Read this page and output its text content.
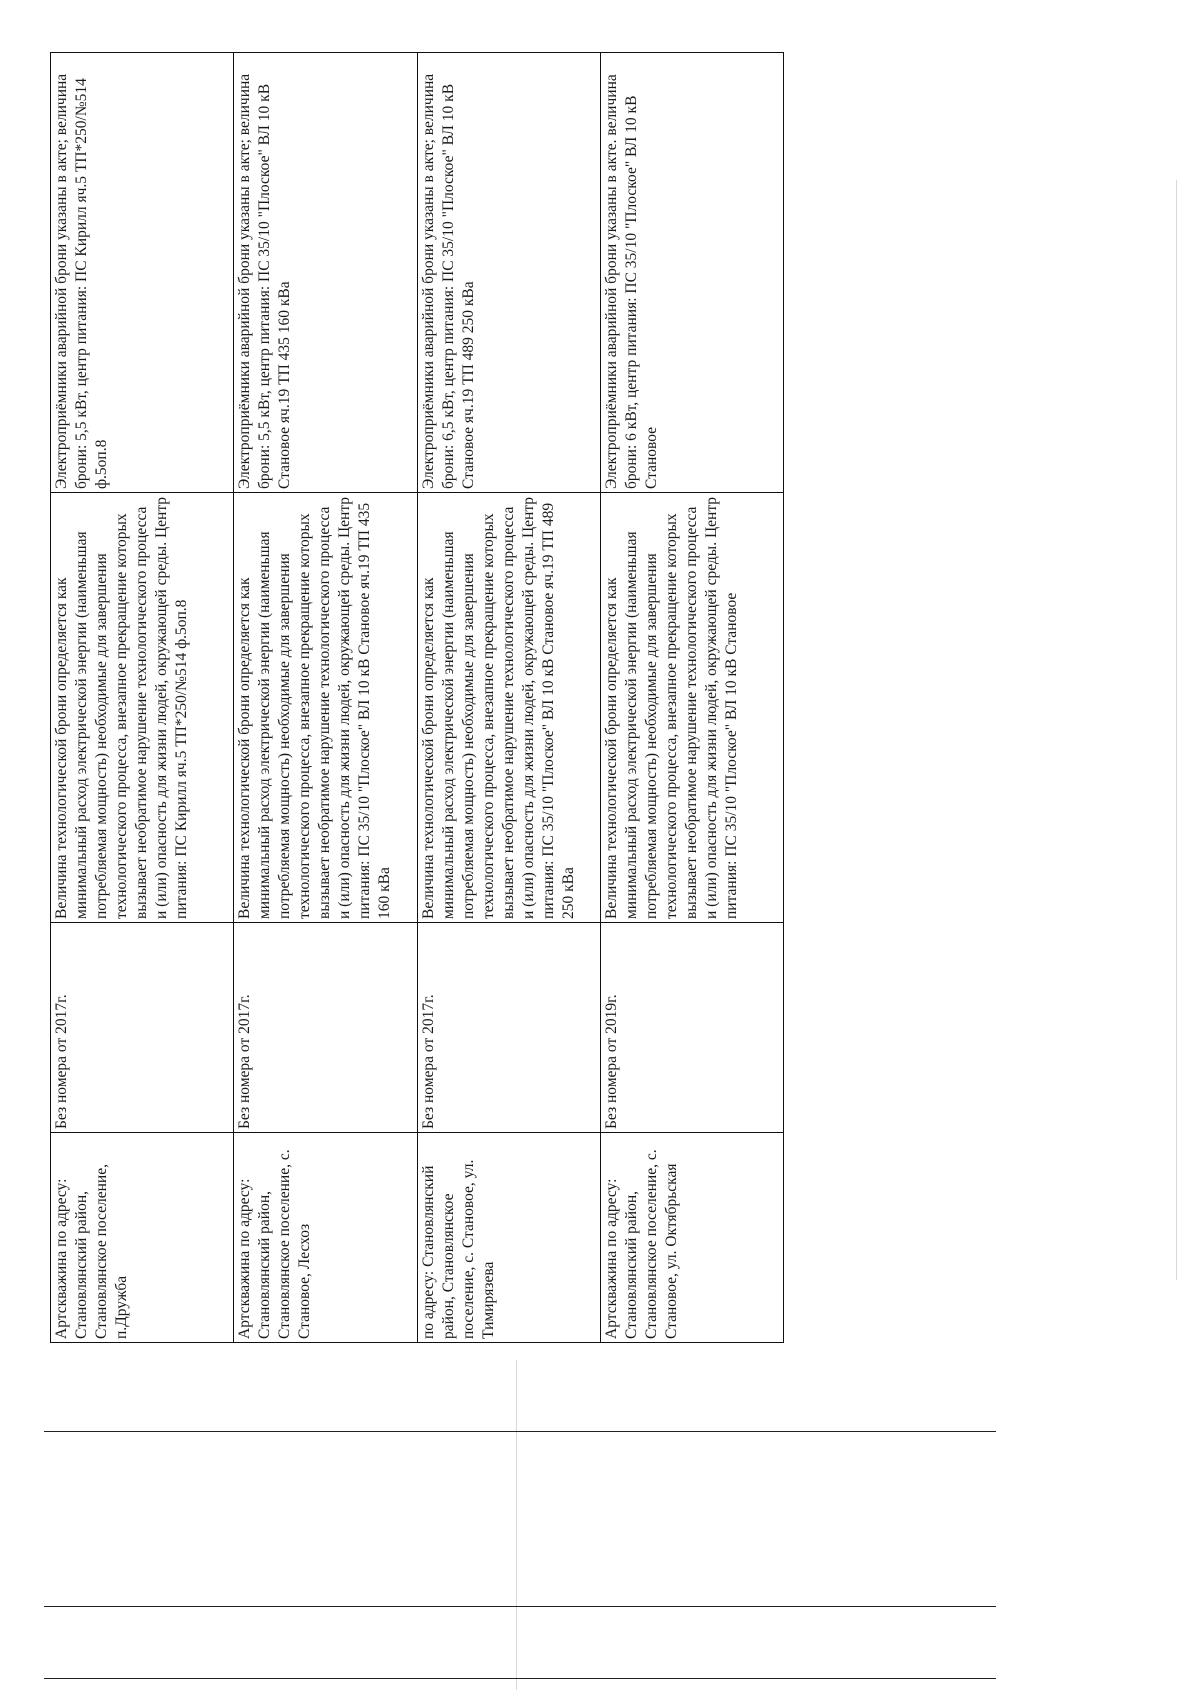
Артскважина по адресу: Становлянский район, Становлянское поселение, п.Дружба	Без номера от 2017г.	Величина технологической брони определяется как минимальный расход электрической энергии (наименьшая потребляемая мощность) необходимые для завершения технологического процесса, внезапное прекращение которых вызывает необратимое нарушение технологического процесса и (или) опасность для жизни людей, окружающей среды. Центр питания: ПС Кирилл яч.5 ТП*250/№514 ф.5оп.8	Электроприёмники аварийной брони указаны в акте; величина брони: 5,5 кВт, центр питания: ПС Кирилл яч.5 ТП*250/№514 ф.5оп.8
Артскважина по адресу: Становлянский район, Становлянское поселение, с. Становое, Лесхоз	Без номера от 2017г.	Величина технологической брони определяется как минимальный расход электрической энергии (наименьшая потребляемая мощность) необходимые для завершения технологического процесса, внезапное прекращение которых вызывает необратимое нарушение технологического процесса и (или) опасность для жизни людей, окружающей среды. Центр питания: ПС 35/10 "Плоское" ВЛ 10 кВ Становое яч.19 ТП 435 160 кВа	Электроприёмники аварийной брони указаны в акте; величина брони: 5,5 кВт, центр питания: ПС 35/10 "Плоское" ВЛ 10 кВ Становое яч.19 ТП 435 160 кВа
по адресу: Становлянский район, Становлянское поселение, с. Становое, ул. Тимирязева	Без номера от 2017г.	Величина технологической брони определяется как минимальный расход электрической энергии (наименьшая потребляемая мощность) необходимые для завершения технологического процесса, внезапное прекращение которых вызывает необратимое нарушение технологического процесса и (или) опасность для жизни людей, окружающей среды. Центр питания: ПС 35/10 "Плоское" ВЛ 10 кВ Становое яч.19 ТП 489 250 кВа	Электроприёмники аварийной брони указаны в акте; величина брони: 6,5 кВт, центр питания: ПС 35/10 "Плоское" ВЛ 10 кВ Становое яч.19 ТП 489 250 кВа
Артскважина по адресу: Становлянский район, Становлянское поселение, с. Становое, ул. Октябрьская	Без номера от 2019г.	Величина технологической брони определяется как минимальный расход электрической энергии (наименьшая потребляемая мощность) необходимые для завершения технологического процесса, внезапное прекращение которых вызывает необратимое нарушение технологического процесса и (или) опасность для жизни людей, окружающей среды. Центр питания: ПС 35/10 "Плоское" ВЛ 10 кВ Становое	Электроприёмники аварийной брони указаны в акте. величина брони: 6 кВт, центр питания: ПС 35/10 "Плоское" ВЛ 10 кВ Становое
